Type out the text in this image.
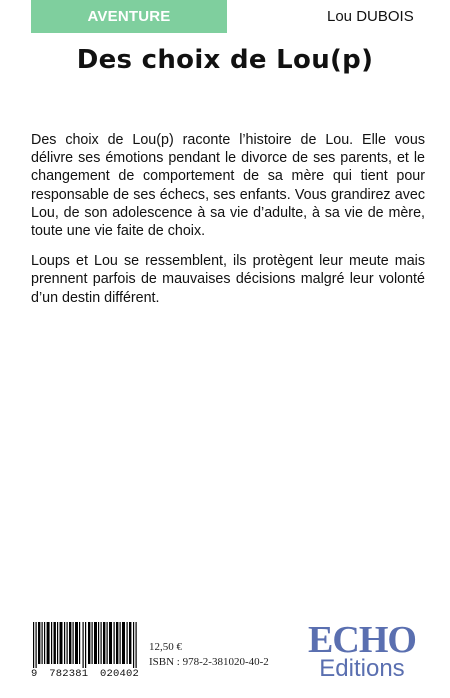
AVENTURE	Lou DUBOIS
Des choix de Lou(p)

Des choix de Lou(p) raconte l’histoire de Lou. Elle vous délivre ses émotions pendant le divorce de ses parents, et le changement de comportement de sa mère qui tient pour responsable de ses échecs, ses enfants. Vous grandirez avec Lou, de son adolescence à sa vie d’adulte, à sa vie de mère, toute une vie faite de choix.

Loups et Lou se ressemblent, ils protègent leur meute mais prennent parfois de mauvaises décisions malgré leur volonté d’un destin différent.

9 782381 020402
12,50 €
ISBN : 978-2-381020-40-2
ECHO
Editions
